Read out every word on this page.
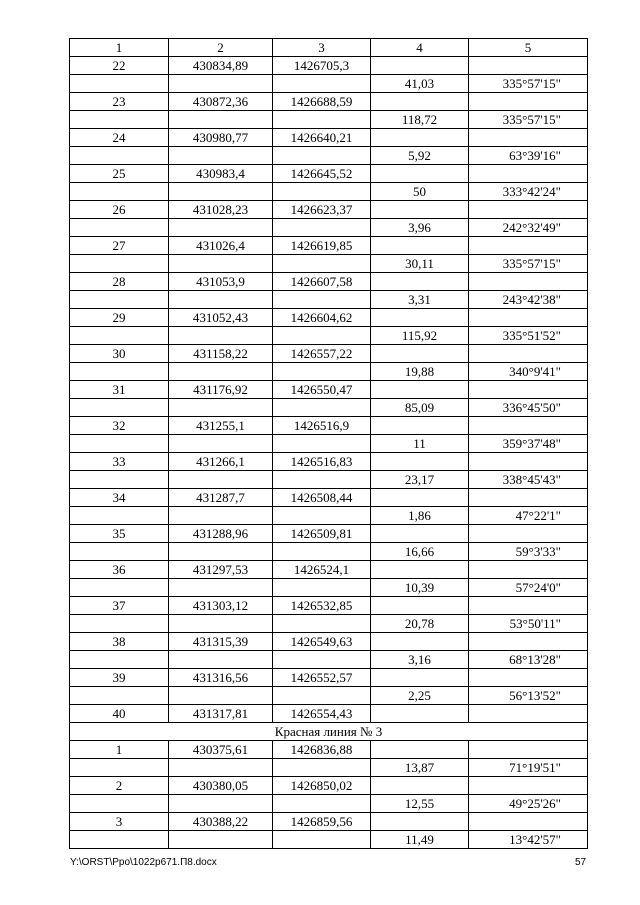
1	2	3	4	5
22	430834,89	1426705,3		
			41,03	335°57'15"
23	430872,36	1426688,59		
			118,72	335°57'15"
24	430980,77	1426640,21		
			5,92	63°39'16"
25	430983,4	1426645,52		
			50	333°42'24"
26	431028,23	1426623,37		
			3,96	242°32'49"
27	431026,4	1426619,85		
			30,11	335°57'15"
28	431053,9	1426607,58		
			3,31	243°42'38"
29	431052,43	1426604,62		
			115,92	335°51'52"
30	431158,22	1426557,22		
			19,88	340°9'41"
31	431176,92	1426550,47		
			85,09	336°45'50"
32	431255,1	1426516,9		
			11	359°37'48"
33	431266,1	1426516,83		
			23,17	338°45'43"
34	431287,7	1426508,44		
			1,86	47°22'1"
35	431288,96	1426509,81		
			16,66	59°3'33"
36	431297,53	1426524,1		
			10,39	57°24'0"
37	431303,12	1426532,85		
			20,78	53°50'11"
38	431315,39	1426549,63		
			3,16	68°13'28"
39	431316,56	1426552,57		
			2,25	56°13'52"
40	431317,81	1426554,43		
Красная линия № 3				
1	430375,61	1426836,88		
			13,87	71°19'51"
2	430380,05	1426850,02		
			12,55	49°25'26"
3	430388,22	1426859,56		
			11,49	13°42'57"
Y:\ORST\Ppo\1022p671.П8.docx	57
